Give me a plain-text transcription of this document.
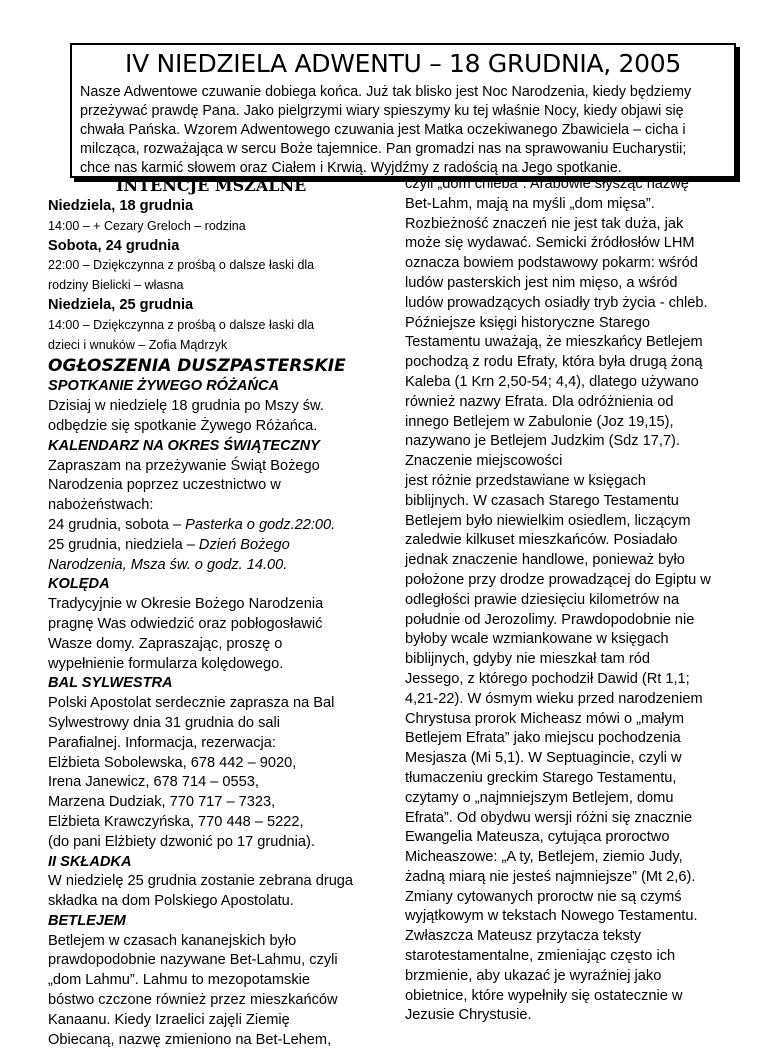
IV NIEDZIELA ADWENTU – 18 GRUDNIA, 2005
Nasze Adwentowe czuwanie dobiega końca. Już tak blisko jest Noc Narodzenia, kiedy będziemy
przeżywać prawdę Pana. Jako pielgrzymi wiary spieszymy ku tej właśnie Nocy, kiedy objawi się
chwała Pańska. Wzorem Adwentowego czuwania jest Matka oczekiwanego Zbawiciela – cicha i
milcząca, rozważająca w sercu Boże tajemnice. Pan gromadzi nas na sprawowaniu Eucharystii;
chce nas karmić słowem oraz Ciałem i Krwią. Wyjdźmy z radością na Jego spotkanie.
INTENCJE MSZALNE
Niedziela, 18 grudnia
14:00 – + Cezary Greloch – rodzina
Sobota, 24 grudnia
22:00 – Dziękczynna z prośbą o dalsze łaski dla
rodziny Bielicki – własna
Niedziela, 25 grudnia
14:00 – Dziękczynna z prośbą o dalsze łaski dla
dzieci i wnuków – Zofia Mądrzyk
OGŁOSZENIA DUSZPASTERSKIE
SPOTKANIE ŻYWEGO RÓŻAŃCA
Dzisiaj w niedzielę 18 grudnia po Mszy św.
odbędzie się spotkanie Żywego Różańca.
KALENDARZ NA OKRES ŚWIĄTECZNY
Zapraszam na przeżywanie Świąt Bożego
Narodzenia poprzez uczestnictwo w
nabożeństwach:
24 grudnia, sobota – Pasterka o godz.22:00.
25 grudnia, niedziela – Dzień Bożego
Narodzenia, Msza św. o godz. 14.00.
KOLĘDA
Tradycyjnie w Okresie Bożego Narodzenia
pragnę Was odwiedzić oraz pobłogosławić
Wasze domy. Zapraszając, proszę o
wypełnienie formularza kolędowego.
BAL SYLWESTRA
Polski Apostolat serdecznie zaprasza na Bal
Sylwestrowy dnia 31 grudnia do sali
Parafialnej. Informacja, rezerwacja:
Elżbieta Sobolewska, 678 442 – 9020,
Irena Janewicz, 678 714 – 0553,
Marzena Dudziak, 770 717 – 7323,
Elżbieta Krawczyńska, 770 448 – 5222,
(do pani Elżbiety dzwonić po 17 grudnia).
II SKŁADKA
W niedzielę 25 grudnia zostanie zebrana druga
składka na dom Polskiego Apostolatu.
BETLEJEM
Betlejem w czasach kananejskich było
prawdopodobnie nazywane Bet-Lahmu, czyli
„dom Lahmu”. Lahmu to mezopotamskie
bóstwo czczone również przez mieszkańców
Kanaanu. Kiedy Izraelici zajęli Ziemię
Obiecaną, nazwę zmieniono na Bet-Lehem,
czyli „dom chleba”. Arabowie słysząc nazwę
Bet-Lahm, mają na myśli „dom mięsa”.
Rozbieżność znaczeń nie jest tak duża, jak
może się wydawać. Semicki źródłosłów LHM
oznacza bowiem podstawowy pokarm: wśród
ludów pasterskich jest nim mięso, a wśród
ludów prowadzących osiadły tryb życia - chleb.
Późniejsze księgi historyczne Starego
Testamentu uważają, że mieszkańcy Betlejem
pochodzą z rodu Efraty, która była drugą żoną
Kaleba (1 Krn 2,50-54; 4,4), dlatego używano
również nazwy Efrata. Dla odróżnienia od
innego Betlejem w Zabulonie (Joz 19,15),
nazywano je Betlejem Judzkim (Sdz 17,7).
Znaczenie miejscowości
jest różnie przedstawiane w księgach
biblijnych. W czasach Starego Testamentu
Betlejem było niewielkim osiedlem, liczącym
zaledwie kilkuset mieszkańców. Posiadało
jednak znaczenie handlowe, ponieważ było
położone przy drodze prowadzącej do Egiptu w
odległości prawie dziesięciu kilometrów na
południe od Jerozolimy. Prawdopodobnie nie
byłoby wcale wzmiankowane w księgach
biblijnych, gdyby nie mieszkał tam ród
Jessego, z którego pochodził Dawid (Rt 1,1;
4,21-22). W ósmym wieku przed narodzeniem
Chrystusa prorok Micheasz mówi o „małym
Betlejem Efrata” jako miejscu pochodzenia
Mesjasza (Mi 5,1). W Septuagincie, czyli w
tłumaczeniu greckim Starego Testamentu,
czytamy o „najmniejszym Betlejem, domu
Efrata”. Od obydwu wersji różni się znacznie
Ewangelia Mateusza, cytująca proroctwo
Micheaszowe: „A ty, Betlejem, ziemio Judy,
żadną miarą nie jesteś najmniejsze” (Mt 2,6).
Zmiany cytowanych proroctw nie są czymś
wyjątkowym w tekstach Nowego Testamentu.
Zwłaszcza Mateusz przytacza teksty
starotestamentalne, zmieniając często ich
brzmienie, aby ukazać je wyraźniej jako
obietnice, które wypełniły się ostatecznie w
Jezusie Chrystusie.
